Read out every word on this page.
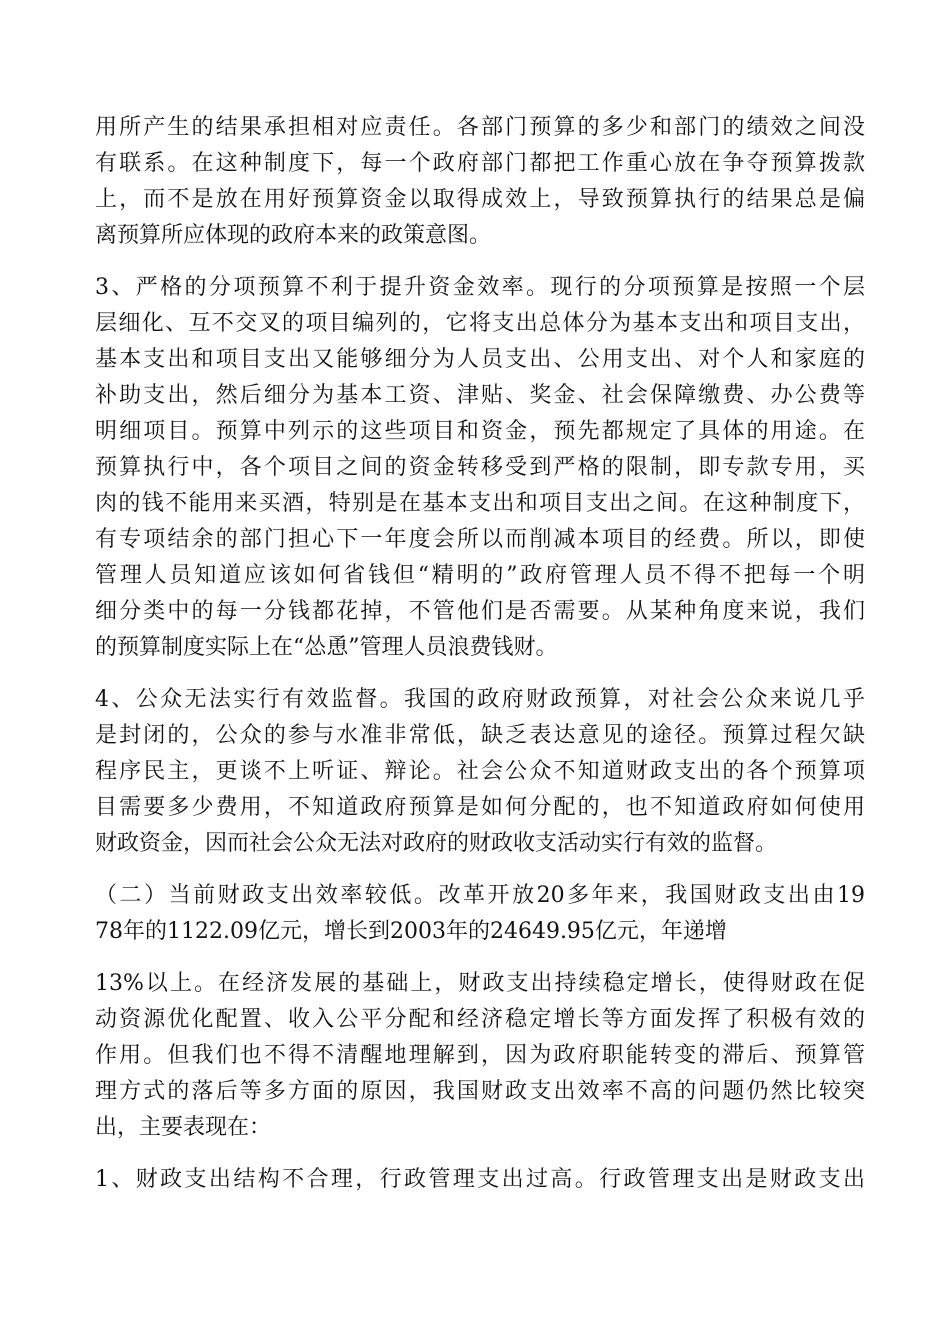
用所产生的结果承担相对应责任。各部门预算的多少和部门的绩效之间没
有联系。在这种制度下，每一个政府部门都把工作重心放在争夺预算拨款
上，而不是放在用好预算资金以取得成效上，导致预算执行的结果总是偏
离预算所应体现的政府本来的政策意图。
3、严格的分项预算不利于提升资金效率。现行的分项预算是按照一个层
层细化、互不交叉的项目编列的，它将支出总体分为基本支出和项目支出，
基本支出和项目支出又能够细分为人员支出、公用支出、对个人和家庭的
补助支出，然后细分为基本工资、津贴、奖金、社会保障缴费、办公费等
明细项目。预算中列示的这些项目和资金，预先都规定了具体的用途。在
预算执行中，各个项目之间的资金转移受到严格的限制，即专款专用，买
肉的钱不能用来买酒，特别是在基本支出和项目支出之间。在这种制度下，
有专项结余的部门担心下一年度会所以而削减本项目的经费。所以，即使
管理人员知道应该如何省钱但“精明的”政府管理人员不得不把每一个明
细分类中的每一分钱都花掉，不管他们是否需要。从某种角度来说，我们
的预算制度实际上在“怂恿”管理人员浪费钱财。
4、公众无法实行有效监督。我国的政府财政预算，对社会公众来说几乎
是封闭的，公众的参与水准非常低，缺乏表达意见的途径。预算过程欠缺
程序民主，更谈不上听证、辩论。社会公众不知道财政支出的各个预算项
目需要多少费用，不知道政府预算是如何分配的，也不知道政府如何使用
财政资金，因而社会公众无法对政府的财政收支活动实行有效的监督。
（二）当前财政支出效率较低。改革开放20多年来，我国财政支出由19
78年的1122.09亿元，增长到2003年的24649.95亿元，年递增
13%以上。在经济发展的基础上，财政支出持续稳定增长，使得财政在促
动资源优化配置、收入公平分配和经济稳定增长等方面发挥了积极有效的
作用。但我们也不得不清醒地理解到，因为政府职能转变的滞后、预算管
理方式的落后等多方面的原因，我国财政支出效率不高的问题仍然比较突
出，主要表现在：
1、财政支出结构不合理，行政管理支出过高。行政管理支出是财政支出
